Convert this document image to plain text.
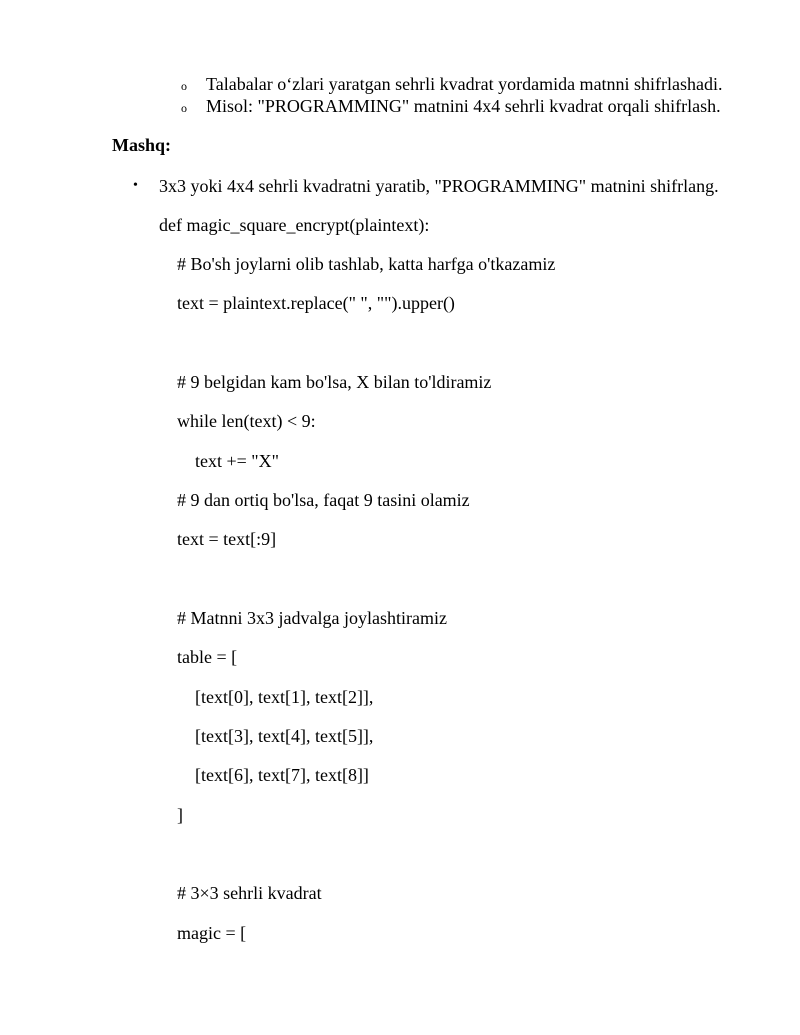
o Talabalar o‘zlari yaratgan sehrli kvadrat yordamida matnni shifrlashadi.
o Misol: "PROGRAMMING" matnini 4x4 sehrli kvadrat orqali shifrlash.
Mashq:
• 3x3 yoki 4x4 sehrli kvadratni yaratib, "PROGRAMMING" matnini shifrlang.
def magic_square_encrypt(plaintext):
# Bo'sh joylarni olib tashlab, katta harfga o'tkazamiz
text = plaintext.replace(" ", "").upper()
# 9 belgidan kam bo'lsa, X bilan to'ldiramiz
while len(text) < 9:
text += "X"
# 9 dan ortiq bo'lsa, faqat 9 tasini olamiz
text = text[:9]
# Matnni 3x3 jadvalga joylashtiramiz
table = [
[text[0], text[1], text[2]],
[text[3], text[4], text[5]],
[text[6], text[7], text[8]]
]
# 3×3 sehrli kvadrat
magic = [
